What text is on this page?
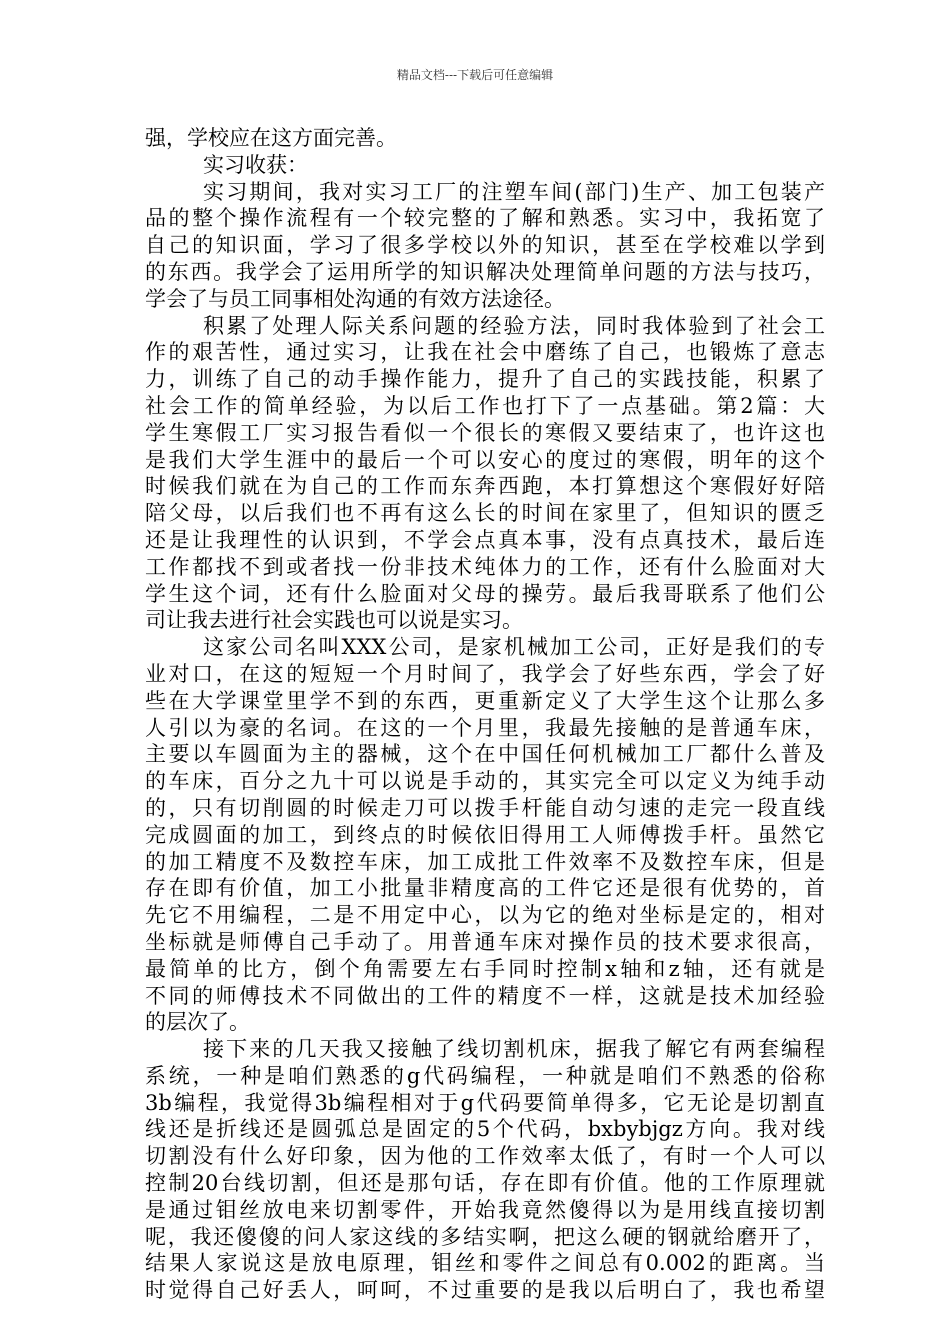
精品文档---下载后可任意编辑
强，学校应在这方面完善。
实习收获：
实习期间，我对实习工厂的注塑车间(部门)生产、加工包装产
品的整个操作流程有一个较完整的了解和熟悉。实习中，我拓宽了
自己的知识面，学习了很多学校以外的知识，甚至在学校难以学到
的东西。我学会了运用所学的知识解决处理简单问题的方法与技巧，
学会了与员工同事相处沟通的有效方法途径。
积累了处理人际关系问题的经验方法，同时我体验到了社会工
作的艰苦性，通过实习，让我在社会中磨练了自己，也锻炼了意志
力，训练了自己的动手操作能力，提升了自己的实践技能，积累了
社会工作的简单经验，为以后工作也打下了一点基础。第2篇：大
学生寒假工厂实习报告看似一个很长的寒假又要结束了，也许这也
是我们大学生涯中的最后一个可以安心的度过的寒假，明年的这个
时候我们就在为自己的工作而东奔西跑，本打算想这个寒假好好陪
陪父母，以后我们也不再有这么长的时间在家里了，但知识的匮乏
还是让我理性的认识到，不学会点真本事，没有点真技术，最后连
工作都找不到或者找一份非技术纯体力的工作，还有什么脸面对大
学生这个词，还有什么脸面对父母的操劳。最后我哥联系了他们公
司让我去进行社会实践也可以说是实习。
这家公司名叫XXX公司，是家机械加工公司，正好是我们的专
业对口，在这的短短一个月时间了，我学会了好些东西，学会了好
些在大学课堂里学不到的东西，更重新定义了大学生这个让那么多
人引以为豪的名词。在这的一个月里，我最先接触的是普通车床，
主要以车圆面为主的器械，这个在中国任何机械加工厂都什么普及
的车床，百分之九十可以说是手动的，其实完全可以定义为纯手动
的，只有切削圆的时候走刀可以拨手杆能自动匀速的走完一段直线
完成圆面的加工，到终点的时候依旧得用工人师傅拨手杆。虽然它
的加工精度不及数控车床，加工成批工件效率不及数控车床，但是
存在即有价值，加工小批量非精度高的工件它还是很有优势的，首
先它不用编程，二是不用定中心，以为它的绝对坐标是定的，相对
坐标就是师傅自己手动了。用普通车床对操作员的技术要求很高，
最简单的比方，倒个角需要左右手同时控制x轴和z轴，还有就是
不同的师傅技术不同做出的工件的精度不一样，这就是技术加经验
的层次了。
接下来的几天我又接触了线切割机床，据我了解它有两套编程
系统，一种是咱们熟悉的g代码编程，一种就是咱们不熟悉的俗称
3b编程，我觉得3b编程相对于g代码要简单得多，它无论是切割直
线还是折线还是圆弧总是固定的5个代码，bxbybjgz方向。我对线
切割没有什么好印象，因为他的工作效率太低了，有时一个人可以
控制20台线切割，但还是那句话，存在即有价值。他的工作原理就
是通过钼丝放电来切割零件，开始我竟然傻得以为是用线直接切割
呢，我还傻傻的问人家这线的多结实啊，把这么硬的钢就给磨开了，
结果人家说这是放电原理，钼丝和零件之间总有0.002的距离。当
时觉得自己好丢人，呵呵，不过重要的是我以后明白了，我也希望
